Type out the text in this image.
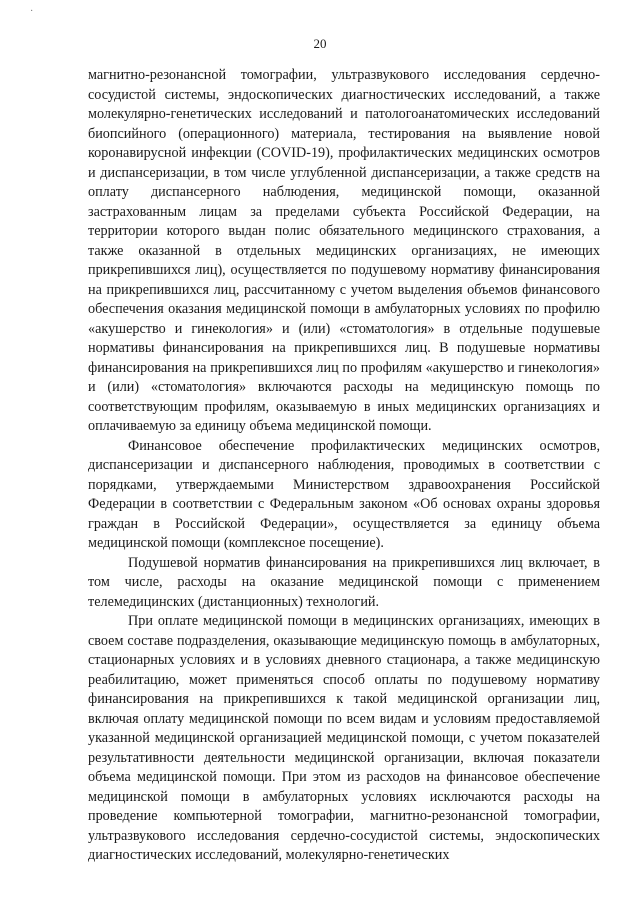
·
20

магнитно-резонансной томографии, ультразвукового исследования сердечно-сосудистой системы, эндоскопических диагностических исследований, а также молекулярно-генетических исследований и патологоанатомических исследований биопсийного (операционного) материала, тестирования на выявление новой коронавирусной инфекции (COVID-19), профилактических медицинских осмотров и диспансеризации, в том числе углубленной диспансеризации, а также средств на оплату диспансерного наблюдения, медицинской помощи, оказанной застрахованным лицам за пределами субъекта Российской Федерации, на территории которого выдан полис обязательного медицинского страхования, а также оказанной в отдельных медицинских организациях, не имеющих прикрепившихся лиц), осуществляется по подушевому нормативу финансирования на прикрепившихся лиц, рассчитанному с учетом выделения объемов финансового обеспечения оказания медицинской помощи в амбулаторных условиях по профилю «акушерство и гинекология» и (или) «стоматология» в отдельные подушевые нормативы финансирования на прикрепившихся лиц. В подушевые нормативы финансирования на прикрепившихся лиц по профилям «акушерство и гинекология» и (или) «стоматология» включаются расходы на медицинскую помощь по соответствующим профилям, оказываемую в иных медицинских организациях и оплачиваемую за единицу объема медицинской помощи.

Финансовое обеспечение профилактических медицинских осмотров, диспансеризации и диспансерного наблюдения, проводимых в соответствии с порядками, утверждаемыми Министерством здравоохранения Российской Федерации в соответствии с Федеральным законом «Об основах охраны здоровья граждан в Российской Федерации», осуществляется за единицу объема медицинской помощи (комплексное посещение).

Подушевой норматив финансирования на прикрепившихся лиц включает, в том числе, расходы на оказание медицинской помощи с применением телемедицинских (дистанционных) технологий.

При оплате медицинской помощи в медицинских организациях, имеющих в своем составе подразделения, оказывающие медицинскую помощь в амбулаторных, стационарных условиях и в условиях дневного стационара, а также медицинскую реабилитацию, может применяться способ оплаты по подушевому нормативу финансирования на прикрепившихся к такой медицинской организации лиц, включая оплату медицинской помощи по всем видам и условиям предоставляемой указанной медицинской организацией медицинской помощи, с учетом показателей результативности деятельности медицинской организации, включая показатели объема медицинской помощи. При этом из расходов на финансовое обеспечение медицинской помощи в амбулаторных условиях исключаются расходы на проведение компьютерной томографии, магнитно-резонансной томографии, ультразвукового исследования сердечно-сосудистой системы, эндоскопических диагностических исследований, молекулярно-генетических
